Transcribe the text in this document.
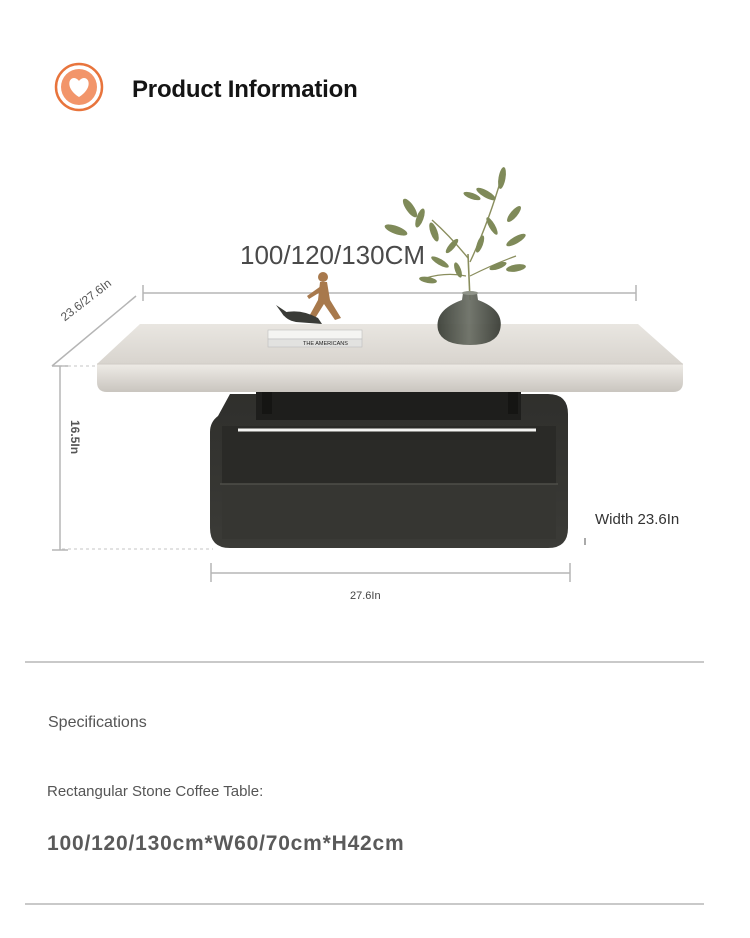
Product Information
THE AMERICANS
100/120/130CM
23.6/27.6In
16.5In
Width 23.6In
27.6In
Specifications
Rectangular Stone Coffee Table:
100/120/130cm*W60/70cm*H42cm
